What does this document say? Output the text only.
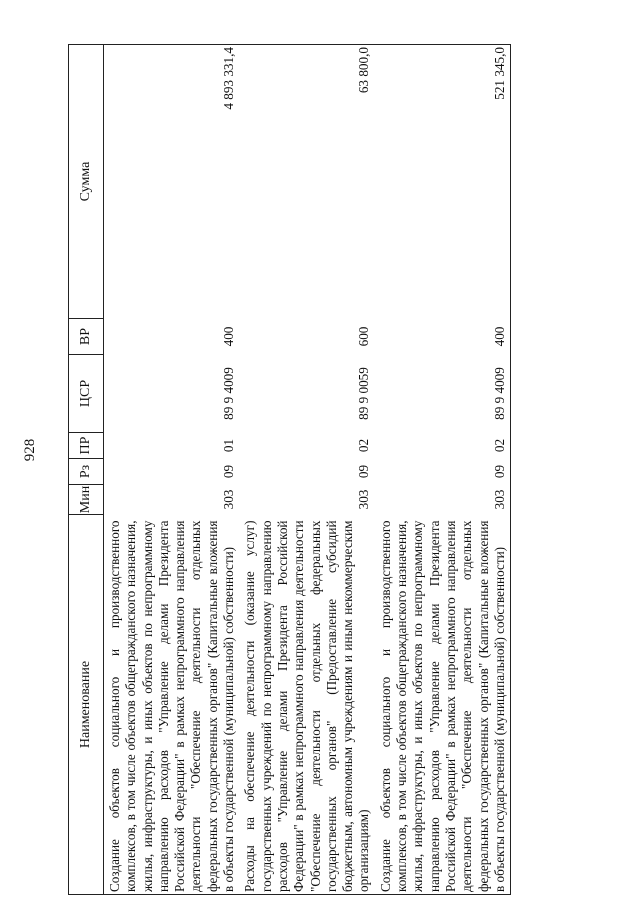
Наименование	Мин	Рз	ПР	ЦСР	ВР	Сумма
Создание объектов социального и производственного комплексов, в том числе объектов общегражданского назначения, жилья, инфраструктуры, и иных объектов по непрограммному направлению расходов "Управление делами Президента Российской Федерации" в рамках непрограммного направления деятельности "Обеспечение деятельности отдельных федеральных государственных органов" (Капитальные вложения в объекты государственной (муниципальной) собственности)	303	09	01	89 9 4009	400	4 893 331,4
Расходы на обеспечение деятельности (оказание услуг) государственных учреждений по непрограммному направлению расходов "Управление делами Президента Российской Федерации" в рамках непрограммного направления деятельности "Обеспечение деятельности отдельных федеральных государственных органов" (Предоставление субсидий бюджетным, автономным учреждениям и иным некоммерческим организациям)	303	09	02	89 9 0059	600	63 800,0
Создание объектов социального и производственного комплексов, в том числе объектов общегражданского назначения, жилья, инфраструктуры, и иных объектов по непрограммному направлению расходов "Управление делами Президента Российской Федерации" в рамках непрограммного направления деятельности "Обеспечение деятельности отдельных федеральных государственных органов" (Капитальные вложения в объекты государственной (муниципальной) собственности)	303	09	02	89 9 4009	400	521 345,0
928
